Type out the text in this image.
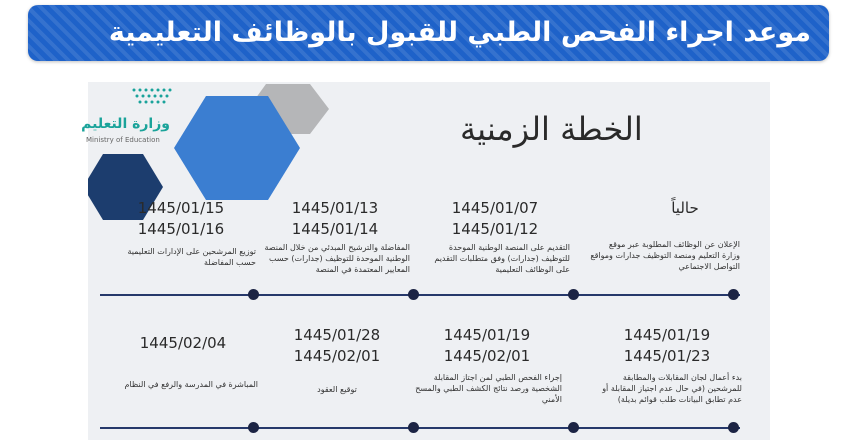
موعد اجراء الفحص الطبي للقبول بالوظائف التعليمية
وزارة التعليم
Ministry of Education	الخطة الزمنية
حالياً
الإعلان عن الوظائف المطلوبة عبر موقع وزارة التعليم ومنصة التوظيف جدارات ومواقع التواصل الاجتماعي
1445/01/07
1445/01/12
التقديم على المنصة الوطنية الموحدة للتوظيف (جدارات) وفق متطلبات التقديم على الوظائف التعليمية
1445/01/13
1445/01/14
المفاضلة والترشيح المبدئي من خلال المنصة الوطنية الموحدة للتوظيف (جدارات) حسب المعايير المعتمدة في المنصة
1445/01/15
1445/01/16
توزيع المرشحين على الإدارات التعليمية حسب المفاضلة
1445/01/19
1445/01/23
بدء أعمال لجان المقابلات والمطابقة للمرشحين (في حال عدم اجتياز المقابلة أو عدم تطابق البيانات طلب قوائم بديلة)
1445/01/19
1445/02/01
إجراء الفحص الطبي لمن اجتاز المقابلة الشخصية ورصد نتائج الكشف الطبي والمسح الأمني
1445/01/28
1445/02/01
توقيع العقود
1445/02/04
المباشرة في المدرسة والرفع في النظام
